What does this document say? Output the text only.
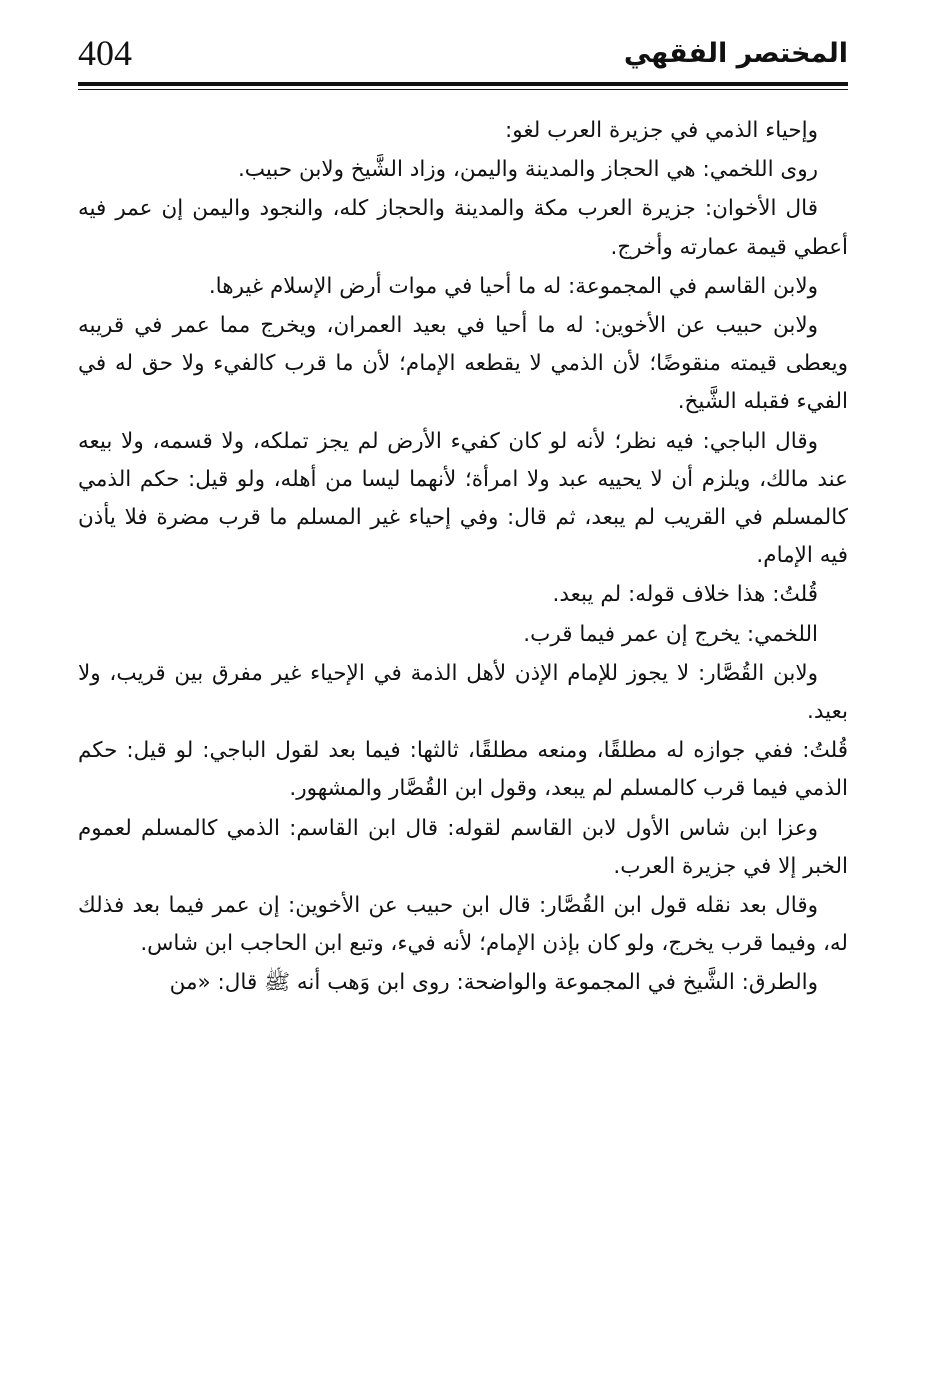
404	المختصر الفقهي

وإحياء الذمي في جزيرة العرب لغو:

روى اللخمي: هي الحجاز والمدينة واليمن، وزاد الشَّيخ ولابن حبيب.

قال الأخوان: جزيرة العرب مكة والمدينة والحجاز كله، والنجود واليمن إن عمر فيه أعطي قيمة عمارته وأخرج.

ولابن القاسم في المجموعة: له ما أحيا في موات أرض الإسلام غيرها.

ولابن حبيب عن الأخوين: له ما أحيا في بعيد العمران، ويخرج مما عمر في قريبه ويعطى قيمته منقوضًا؛ لأن الذمي لا يقطعه الإمام؛ لأن ما قرب كالفيء ولا حق له في الفيء فقبله الشَّيخ.

وقال الباجي: فيه نظر؛ لأنه لو كان كفيء الأرض لم يجز تملكه، ولا قسمه، ولا بيعه عند مالك، ويلزم أن لا يحييه عبد ولا امرأة؛ لأنهما ليسا من أهله، ولو قيل: حكم الذمي كالمسلم في القريب لم يبعد، ثم قال: وفي إحياء غير المسلم ما قرب مضرة فلا يأذن فيه الإمام.

قُلتُ: هذا خلاف قوله: لم يبعد.

اللخمي: يخرج إن عمر فيما قرب.

ولابن القُصَّار: لا يجوز للإمام الإذن لأهل الذمة في الإحياء غير مفرق بين قريب، ولا بعيد.

قُلتُ: ففي جوازه له مطلقًا، ومنعه مطلقًا، ثالثها: فيما بعد لقول الباجي: لو قيل: حكم الذمي فيما قرب كالمسلم لم يبعد، وقول ابن القُصَّار والمشهور.

وعزا ابن شاس الأول لابن القاسم لقوله: قال ابن القاسم: الذمي كالمسلم لعموم الخبر إلا في جزيرة العرب.

وقال بعد نقله قول ابن القُصَّار: قال ابن حبيب عن الأخوين: إن عمر فيما بعد فذلك له، وفيما قرب يخرج، ولو كان بإذن الإمام؛ لأنه فيء، وتبع ابن الحاجب ابن شاس.

والطرق: الشَّيخ في المجموعة والواضحة: روى ابن وَهب أنه ﷺ قال: «من
